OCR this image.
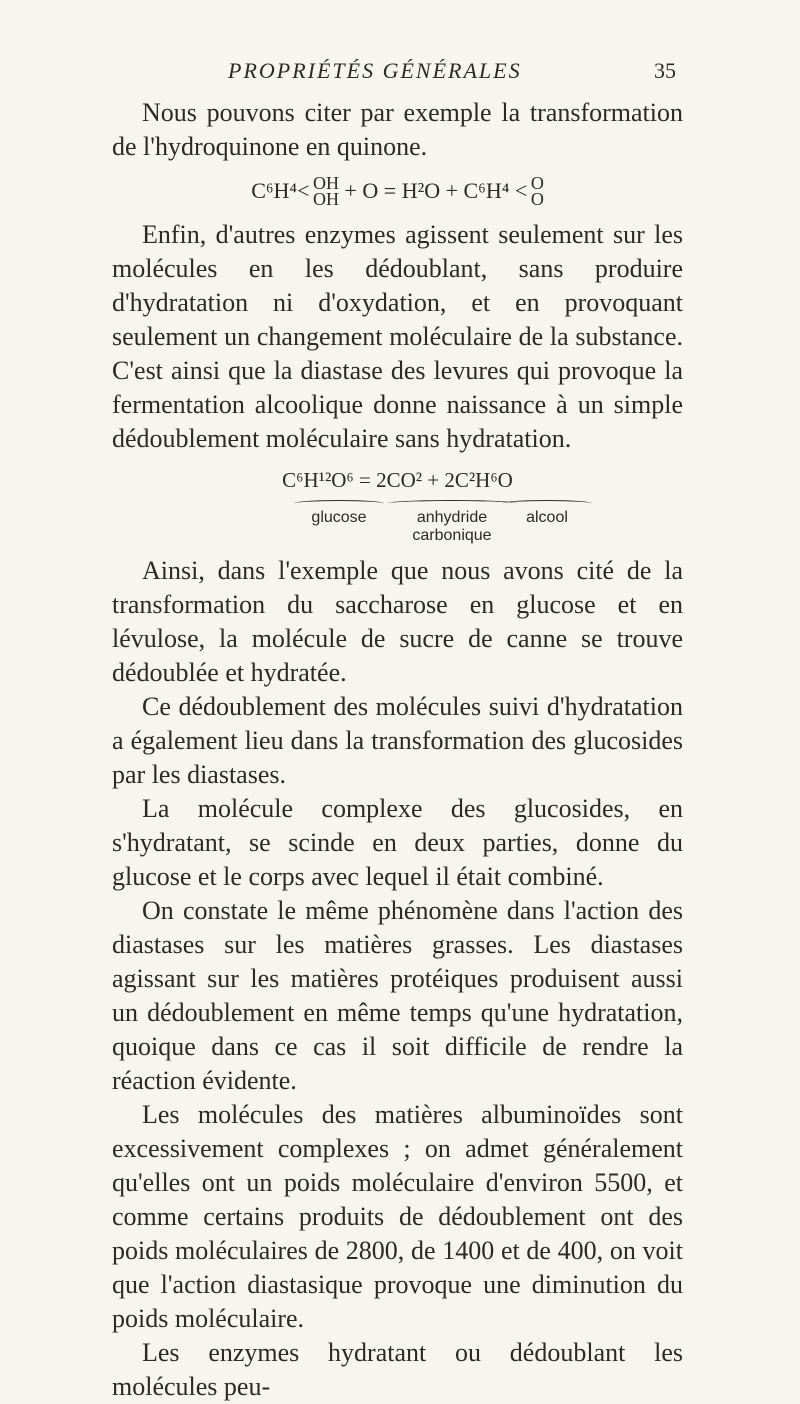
PROPRIÉTÉS GÉNÉRALES	35

Nous pouvons citer par exemple la transformation de l'hydroquinone en quinone.

C⁶H⁴< OH
OH + O = H²O + C⁶H⁴ < O
O

Enfin, d'autres enzymes agissent seulement sur les molécules en les dédoublant, sans produire d'hydratation ni d'oxydation, et en provoquant seulement un changement moléculaire de la substance. C'est ainsi que la diastase des levures qui provoque la fermentation alcoolique donne naissance à un simple dédoublement moléculaire sans hydratation.

C⁶H¹²O⁶ = 2CO² + 2C²H⁶O
glucose	anhydride
carbonique
alcool

Ainsi, dans l'exemple que nous avons cité de la transformation du saccharose en glucose et en lévulose, la molécule de sucre de canne se trouve dédoublée et hydratée.

Ce dédoublement des molécules suivi d'hydratation a également lieu dans la transformation des glucosides par les diastases.

La molécule complexe des glucosides, en s'hydratant, se scinde en deux parties, donne du glucose et le corps avec lequel il était combiné.

On constate le même phénomène dans l'action des diastases sur les matières grasses. Les diastases agissant sur les matières protéiques produisent aussi un dédoublement en même temps qu'une hydratation, quoique dans ce cas il soit difficile de rendre la réaction évidente.

Les molécules des matières albuminoïdes sont excessivement complexes ; on admet généralement qu'elles ont un poids moléculaire d'environ 5500, et comme certains produits de dédoublement ont des poids moléculaires de 2800, de 1400 et de 400, on voit que l'action diastasique provoque une diminution du poids moléculaire.

Les enzymes hydratant ou dédoublant les molécules peu-
